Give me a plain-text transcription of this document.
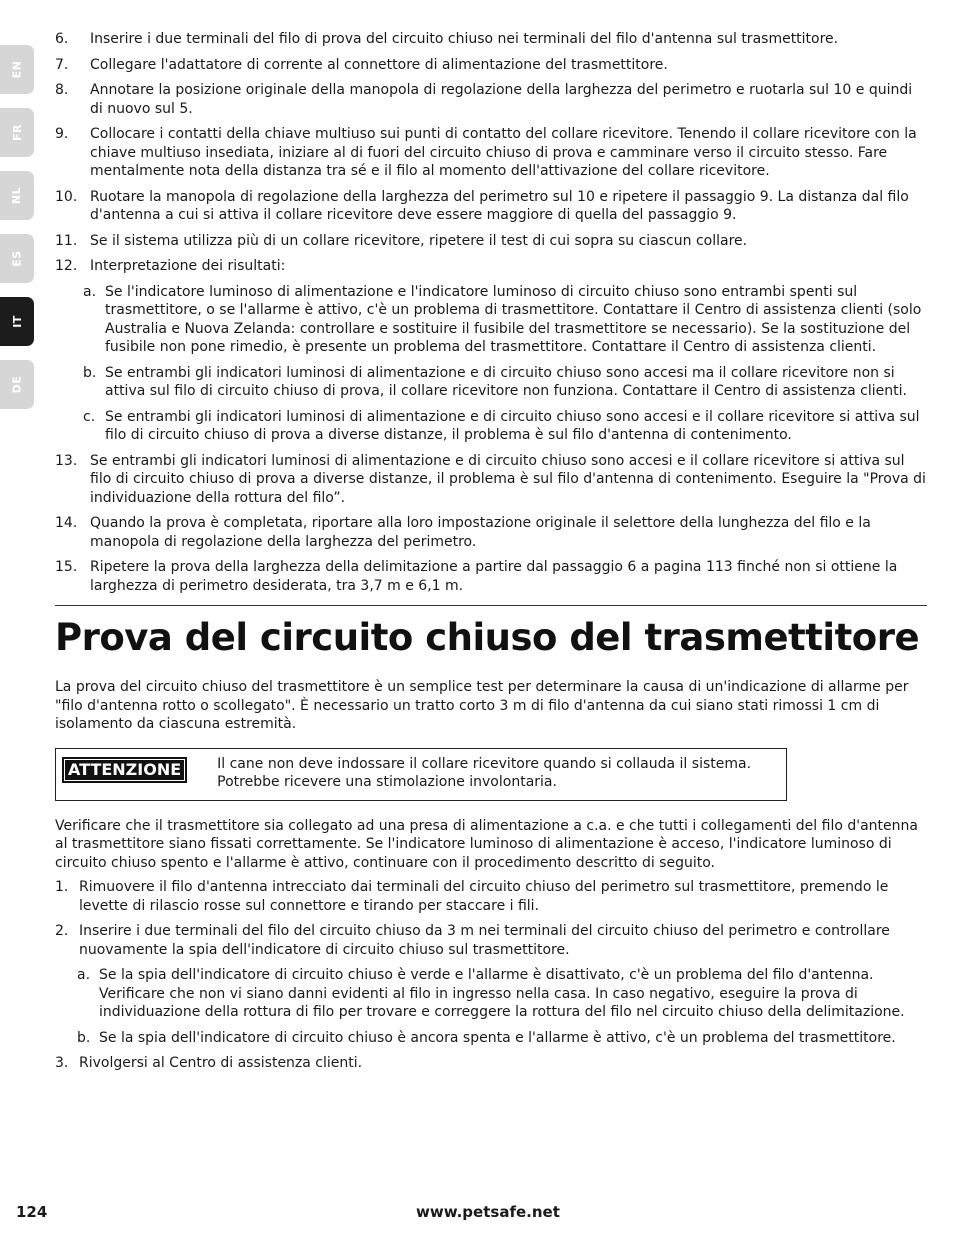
EN
FR
NL
ES
IT
DE
6.	Inserire i due terminali del filo di prova del circuito chiuso nei terminali del filo d'antenna sul trasmettitore.
7.	Collegare l'adattatore di corrente al connettore di alimentazione del trasmettitore.
8.	Annotare la posizione originale della manopola di regolazione della larghezza del perimetro e ruotarla sul 10 e quindi di nuovo sul 5.
9.	Collocare i contatti della chiave multiuso sui punti di contatto del collare ricevitore. Tenendo il collare ricevitore con la chiave multiuso insediata, iniziare al di fuori del circuito chiuso di prova e camminare verso il circuito stesso. Fare mentalmente nota della distanza tra sé e il filo al momento dell'attivazione del collare ricevitore.
10. Ruotare la manopola di regolazione della larghezza del perimetro sul 10 e ripetere il passaggio 9. La distanza dal filo d'antenna a cui si attiva il collare ricevitore deve essere maggiore di quella del passaggio 9.
11. Se il sistema utilizza più di un collare ricevitore, ripetere il test di cui sopra su ciascun collare.
12. Interpretazione dei risultati:
a. Se l'indicatore luminoso di alimentazione e l'indicatore luminoso di circuito chiuso sono entrambi spenti sul trasmettitore, o se l'allarme è attivo, c'è un problema di trasmettitore. Contattare il Centro di assistenza clienti (solo Australia e Nuova Zelanda: controllare e sostituire il fusibile del trasmettitore se necessario). Se la sostituzione del fusibile non pone rimedio, è presente un problema del trasmettitore. Contattare il Centro di assistenza clienti.
b. Se entrambi gli indicatori luminosi di alimentazione e di circuito chiuso sono accesi ma il collare ricevitore non si attiva sul filo di circuito chiuso di prova, il collare ricevitore non funziona. Contattare il Centro di assistenza clienti.
c. Se entrambi gli indicatori luminosi di alimentazione e di circuito chiuso sono accesi e il collare ricevitore si attiva sul filo di circuito chiuso di prova a diverse distanze, il problema è sul filo d'antenna di contenimento.
13. Se entrambi gli indicatori luminosi di alimentazione e di circuito chiuso sono accesi e il collare ricevitore si attiva sul filo di circuito chiuso di prova a diverse distanze, il problema è sul filo d'antenna di contenimento. Eseguire la "Prova di individuazione della rottura del filo”.
14. Quando la prova è completata, riportare alla loro impostazione originale il selettore della lunghezza del filo e la manopola di regolazione della larghezza del perimetro.
15. Ripetere la prova della larghezza della delimitazione a partire dal passaggio 6 a pagina 113 finché non si ottiene la larghezza di perimetro desiderata, tra 3,7 m e 6,1 m.
Prova del circuito chiuso del trasmettitore

La prova del circuito chiuso del trasmettitore è un semplice test per determinare la causa di un'indicazione di allarme per "filo d'antenna rotto o scollegato". È necessario un tratto corto 3 m di filo d'antenna da cui siano stati rimossi 1 cm di isolamento da ciascuna estremità.

ATTENZIONE	Il cane non deve indossare il collare ricevitore quando si collauda il sistema.
Potrebbe ricevere una stimolazione involontaria.

Verificare che il trasmettitore sia collegato ad una presa di alimentazione a c.a. e che tutti i collegamenti del filo d'antenna al trasmettitore siano fissati correttamente. Se l'indicatore luminoso di alimentazione è acceso, l'indicatore luminoso di circuito chiuso spento e l'allarme è attivo, continuare con il procedimento descritto di seguito.

1. Rimuovere il filo d'antenna intrecciato dai terminali del circuito chiuso del perimetro sul trasmettitore, premendo le levette di rilascio rosse sul connettore e tirando per staccare i fili.
2. Inserire i due terminali del filo del circuito chiuso da 3 m nei terminali del circuito chiuso del perimetro e controllare nuovamente la spia dell'indicatore di circuito chiuso sul trasmettitore.
a. Se la spia dell'indicatore di circuito chiuso è verde e l'allarme è disattivato, c'è un problema del filo d'antenna. Verificare che non vi siano danni evidenti al filo in ingresso nella casa. In caso negativo, eseguire la prova di individuazione della rottura di filo per trovare e correggere la rottura del filo nel circuito chiuso della delimitazione.
b. Se la spia dell'indicatore di circuito chiuso è ancora spenta e l'allarme è attivo, c'è un problema del trasmettitore.
3. Rivolgersi al Centro di assistenza clienti.
124	www.petsafe.net
